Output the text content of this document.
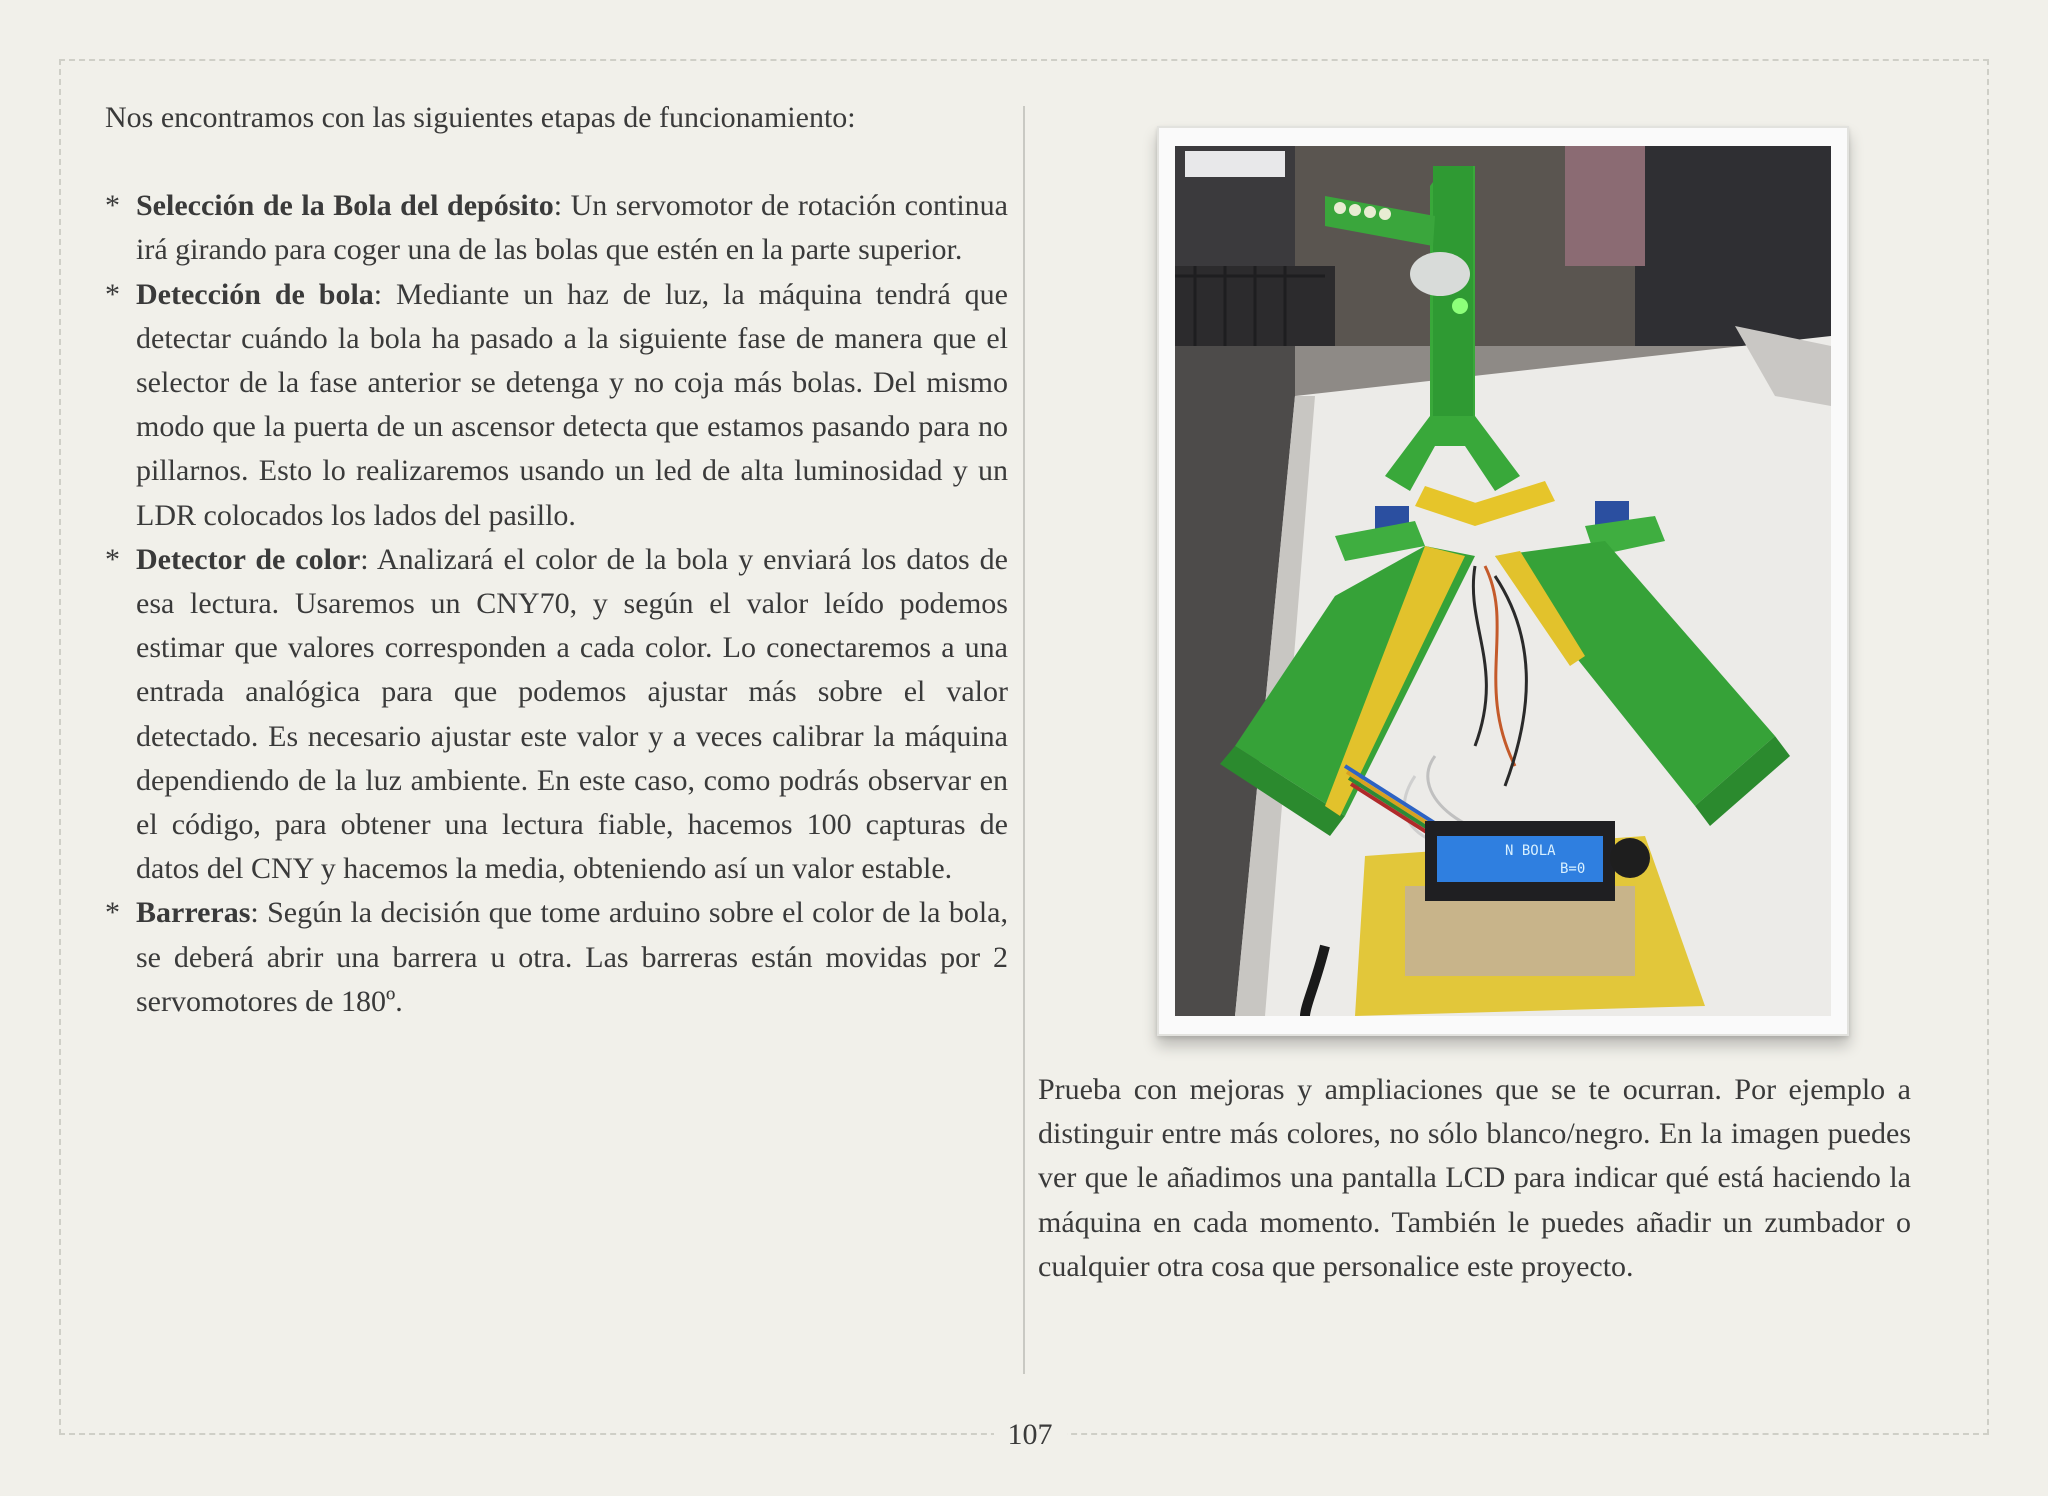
Nos encontramos con las siguientes etapas de funcionamiento:

* Selección de la Bola del depósito: Un servomotor de rotación continua irá girando para coger una de las bolas que estén en la parte superior.
* Detección de bola: Mediante un haz de luz, la máquina tendrá que detectar cuándo la bola ha pasado a la siguiente fase de manera que el selector de la fase anterior se detenga y no coja más bolas. Del mismo modo que la puerta de un ascensor detecta que estamos pasando para no pillarnos. Esto lo realizaremos usando un led de alta luminosidad y un LDR colocados los lados del pasillo.
* Detector de color: Analizará el color de la bola y enviará los datos de esa lectura. Usaremos un CNY70, y según el valor leído podemos estimar que valores corresponden a cada color. Lo conectaremos a una entrada analógica para que podemos ajustar más sobre el valor detectado. Es necesario ajustar este valor y a veces calibrar la máquina dependiendo de la luz ambiente. En este caso, como podrás observar en el código, para obtener una lectura fiable, hacemos 100 capturas de datos del CNY y hacemos la media, obteniendo así un valor estable.
* Barreras: Según la decisión que tome arduino sobre el color de la bola, se deberá abrir una barrera u otra. Las barreras están movidas por 2 servomotores de 180º.
N BOLA
B=0

Prueba con mejoras y ampliaciones que se te ocurran. Por ejemplo a distinguir entre más colores, no sólo blanco/negro. En la imagen puedes ver que le añadimos una pantalla LCD para indicar qué está haciendo la máquina en cada momento. También le puedes añadir un zumbador o cualquier otra cosa que personalice este proyecto.

107
